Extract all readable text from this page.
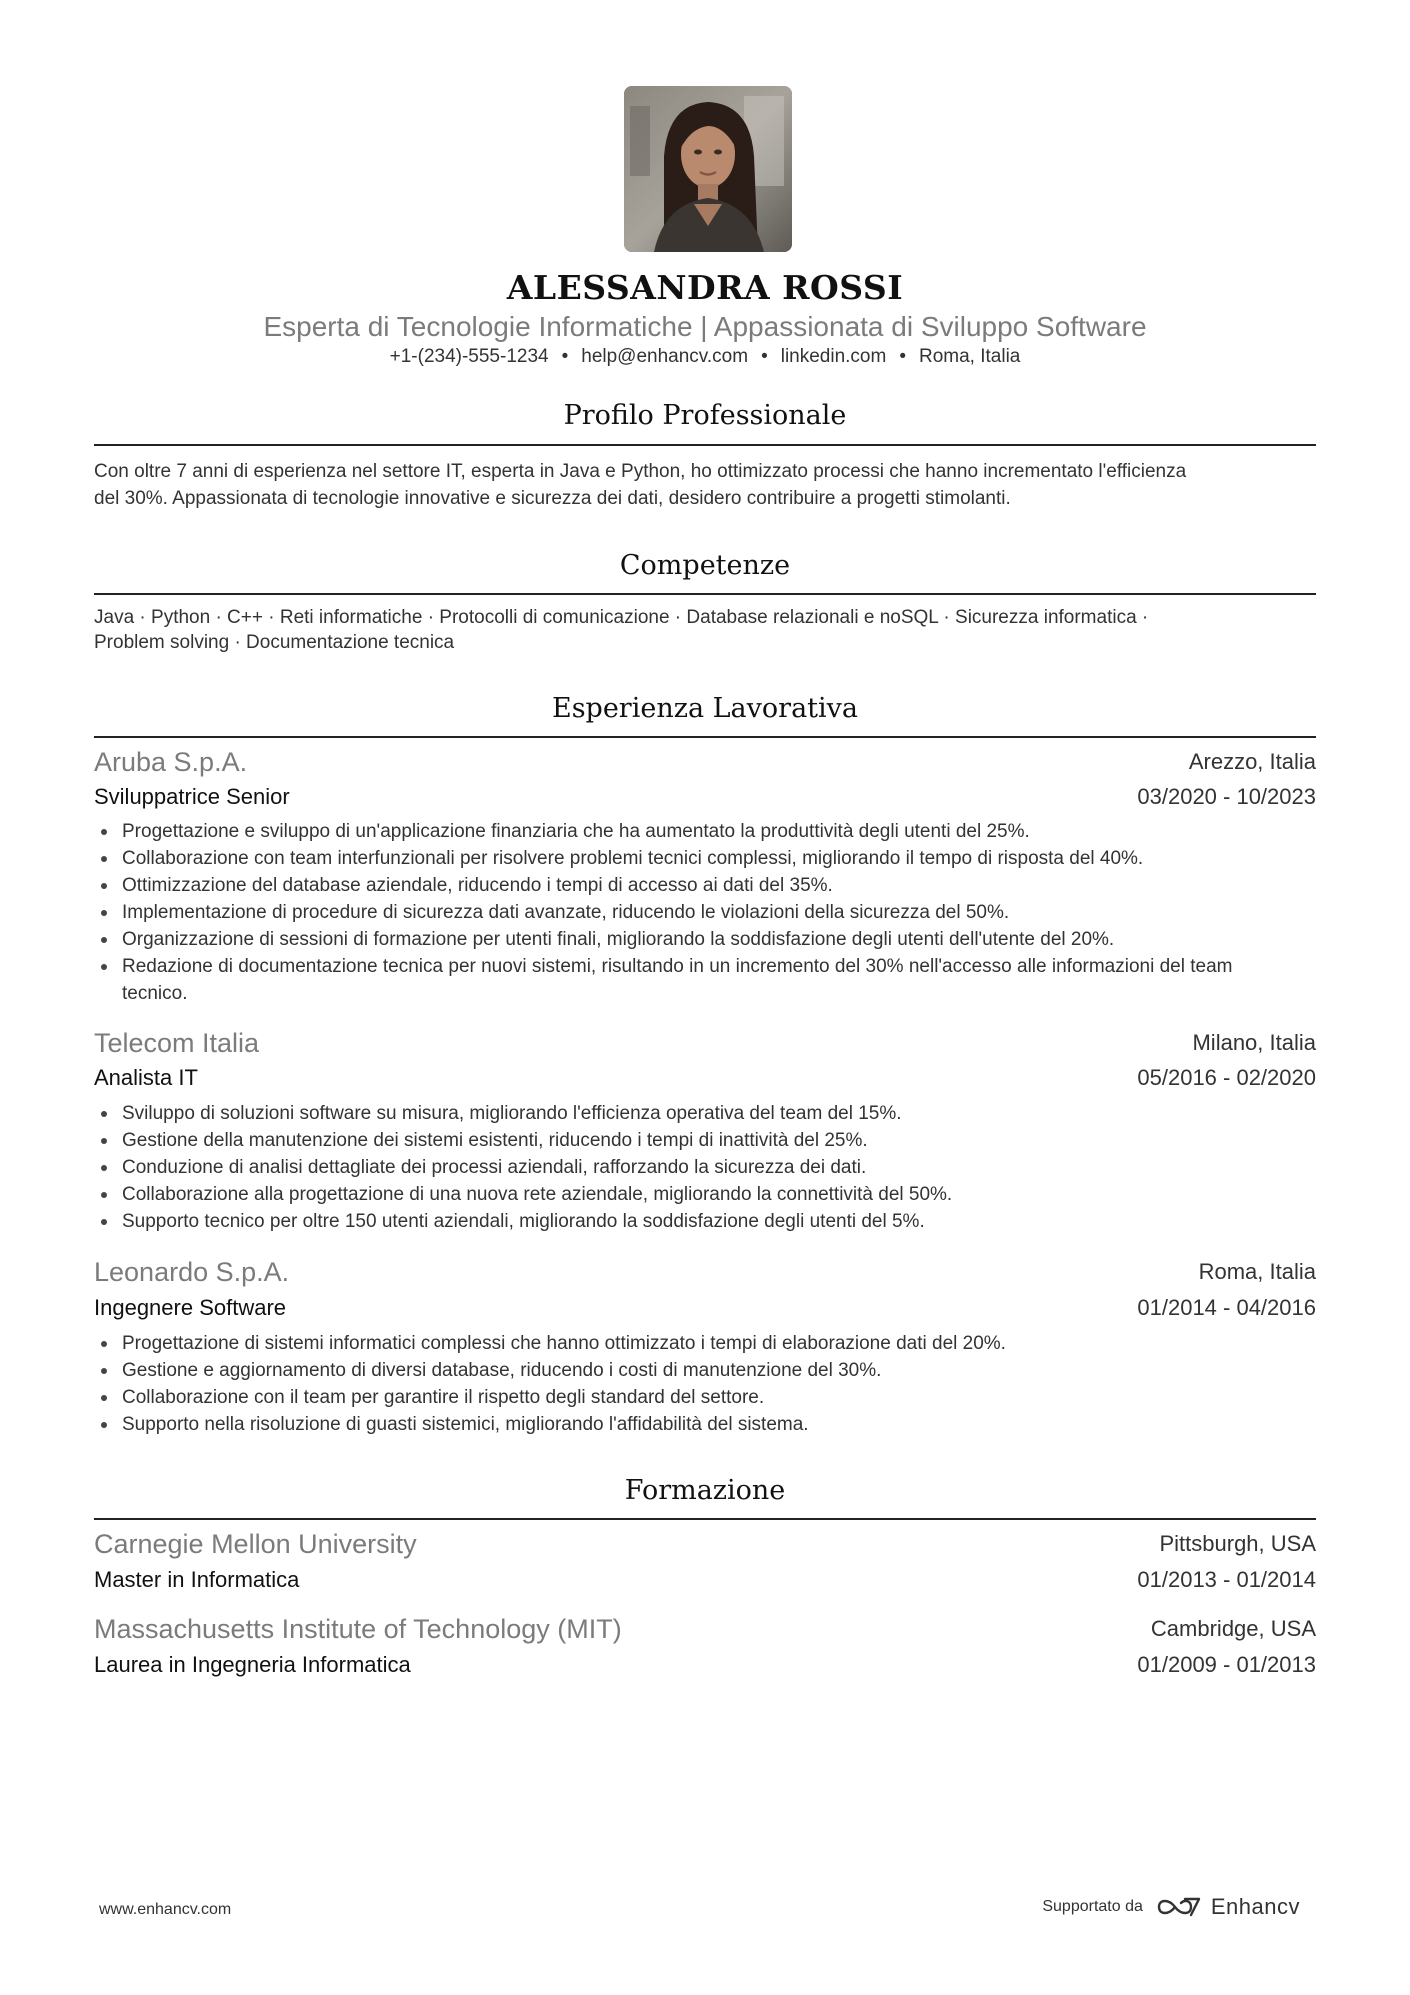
ALESSANDRA ROSSI
Esperta di Tecnologie Informatiche | Appassionata di Sviluppo Software
+1-(234)-555-1234 • help@enhancv.com • linkedin.com • Roma, Italia
Profilo Professionale
Con oltre 7 anni di esperienza nel settore IT, esperta in Java e Python, ho ottimizzato processi che hanno incrementato l'efficienza
del 30%. Appassionata di tecnologie innovative e sicurezza dei dati, desidero contribuire a progetti stimolanti.
Competenze
Java · Python · C++ · Reti informatiche · Protocolli di comunicazione · Database relazionali e noSQL · Sicurezza informatica ·
Problem solving · Documentazione tecnica
Esperienza Lavorativa
Aruba S.p.A.	Arezzo, Italia
Sviluppatrice Senior	03/2020 - 10/2023
Progettazione e sviluppo di un'applicazione finanziaria che ha aumentato la produttività degli utenti del 25%.
Collaborazione con team interfunzionali per risolvere problemi tecnici complessi, migliorando il tempo di risposta del 40%.
Ottimizzazione del database aziendale, riducendo i tempi di accesso ai dati del 35%.
Implementazione di procedure di sicurezza dati avanzate, riducendo le violazioni della sicurezza del 50%.
Organizzazione di sessioni di formazione per utenti finali, migliorando la soddisfazione degli utenti dell'utente del 20%.
Redazione di documentazione tecnica per nuovi sistemi, risultando in un incremento del 30% nell'accesso alle informazioni del team tecnico.
Telecom Italia	Milano, Italia
Analista IT	05/2016 - 02/2020
Sviluppo di soluzioni software su misura, migliorando l'efficienza operativa del team del 15%.
Gestione della manutenzione dei sistemi esistenti, riducendo i tempi di inattività del 25%.
Conduzione di analisi dettagliate dei processi aziendali, rafforzando la sicurezza dei dati.
Collaborazione alla progettazione di una nuova rete aziendale, migliorando la connettività del 50%.
Supporto tecnico per oltre 150 utenti aziendali, migliorando la soddisfazione degli utenti del 5%.
Leonardo S.p.A.	Roma, Italia
Ingegnere Software	01/2014 - 04/2016
Progettazione di sistemi informatici complessi che hanno ottimizzato i tempi di elaborazione dati del 20%.
Gestione e aggiornamento di diversi database, riducendo i costi di manutenzione del 30%.
Collaborazione con il team per garantire il rispetto degli standard del settore.
Supporto nella risoluzione di guasti sistemici, migliorando l'affidabilità del sistema.
Formazione
Carnegie Mellon University	Pittsburgh, USA
Master in Informatica	01/2013 - 01/2014
Massachusetts Institute of Technology (MIT)	Cambridge, USA
Laurea in Ingegneria Informatica	01/2009 - 01/2013
www.enhancv.com	Supportato da	Enhancv
